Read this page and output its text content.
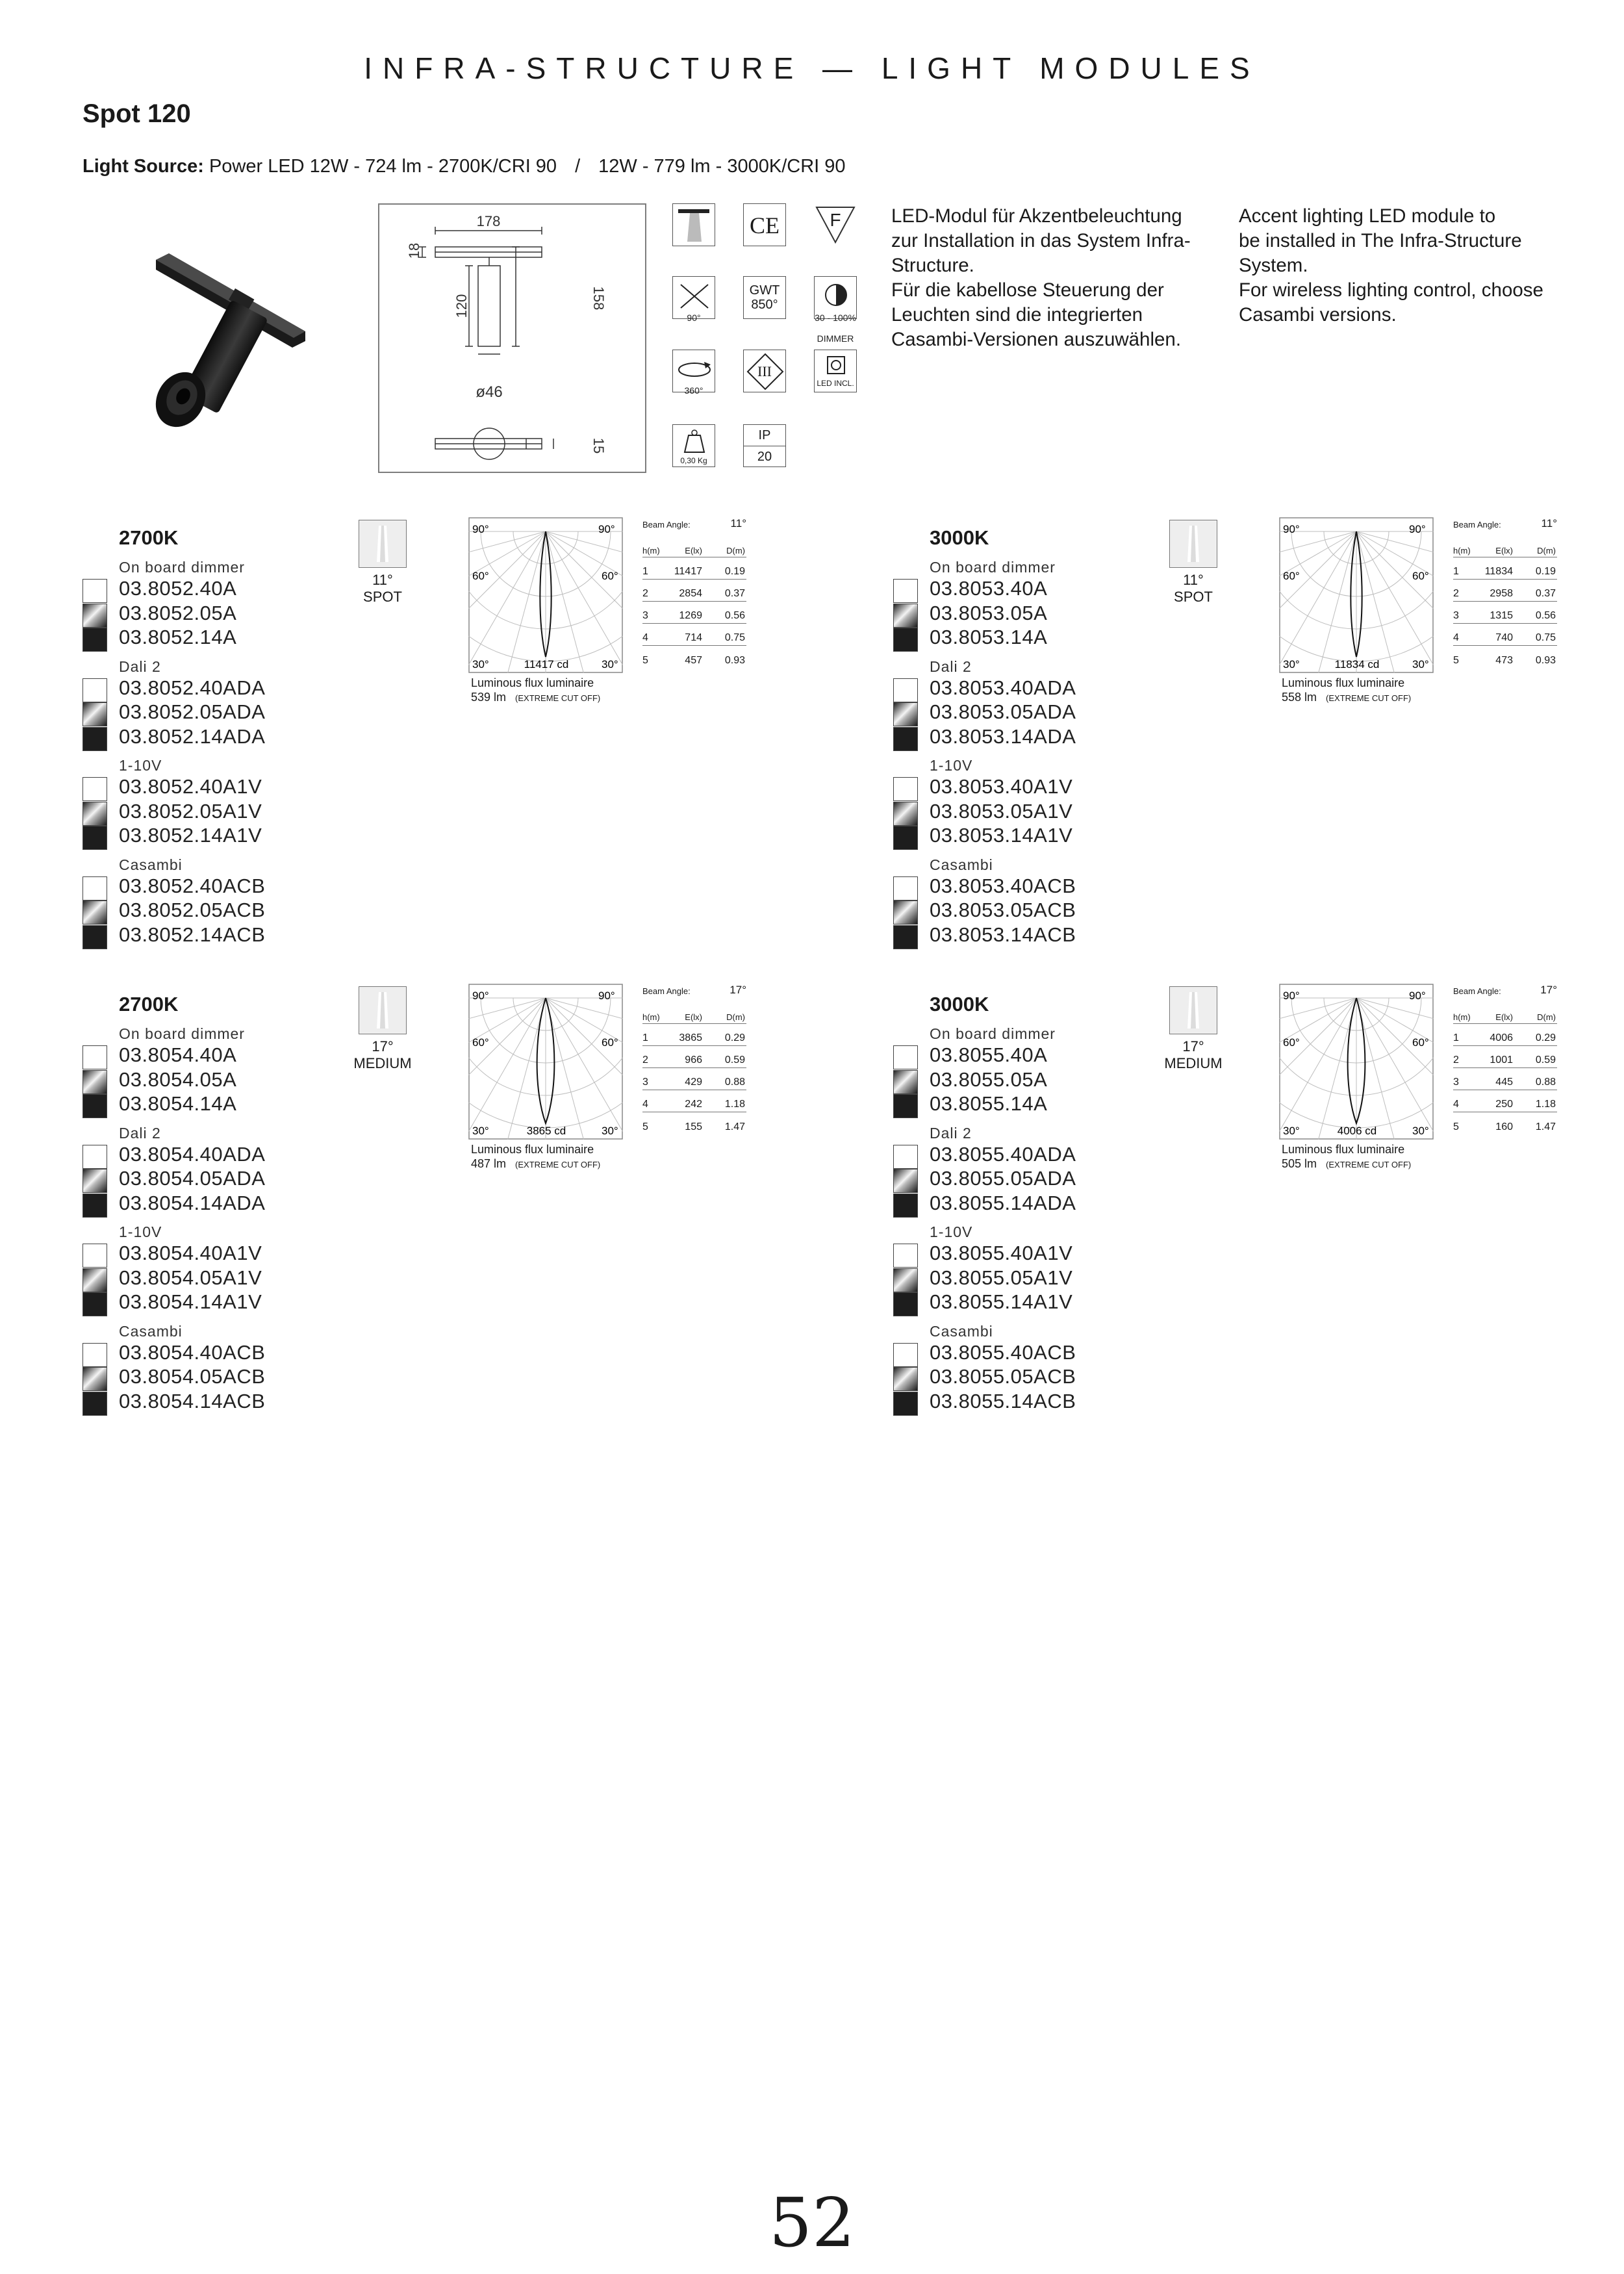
INFRA-STRUCTURE — LIGHT MODULES
Spot 120
Light Source: Power LED 12W - 724 lm - 2700K/CRI 90 / 12W - 779 lm - 3000K/CRI 90
178
18
120	158
ø46
15
CE	F
90°
GWT
850°
30 - 100%
DIMMER
360°
III
LED INCL.
0,30 Kg
IP
20
LED-Modul für Akzentbeleuchtung
zur Installation in das System Infra-
Structure.
Für die kabellose Steuerung der
Leuchten sind die integrierten
Casambi-Versionen auszuwählen.
Accent lighting LED module to
be installed in The Infra-Structure
System.
For wireless lighting control, choose
Casambi versions.
2700K
11°
SPOT
90°	90°
60°	60°
30°	30°
11417 cd
Luminous flux luminaire
539 lm (EXTREME CUT OFF)
Beam Angle:	11°
h(m)	E(lx)	D(m)
1	11417	0.19
2	2854	0.37
3	1269	0.56
4	714	0.75
5	457	0.93
On board dimmer
03.8052.40A
03.8052.05A
03.8052.14A
Dali 2
03.8052.40ADA
03.8052.05ADA
03.8052.14ADA
1-10V
03.8052.40A1V
03.8052.05A1V
03.8052.14A1V
Casambi
03.8052.40ACB
03.8052.05ACB
03.8052.14ACB
3000K
11°
SPOT
90°	90°
60°	60°
30°	30°
11834 cd
Luminous flux luminaire
558 lm (EXTREME CUT OFF)
Beam Angle:	11°
h(m)	E(lx)	D(m)
1	11834	0.19
2	2958	0.37
3	1315	0.56
4	740	0.75
5	473	0.93
On board dimmer
03.8053.40A
03.8053.05A
03.8053.14A
Dali 2
03.8053.40ADA
03.8053.05ADA
03.8053.14ADA
1-10V
03.8053.40A1V
03.8053.05A1V
03.8053.14A1V
Casambi
03.8053.40ACB
03.8053.05ACB
03.8053.14ACB
2700K
17°
MEDIUM
90°	90°
60°	60°
30°	30°
3865 cd
Luminous flux luminaire
487 lm (EXTREME CUT OFF)
Beam Angle:	17°
h(m)	E(lx)	D(m)
1	3865	0.29
2	966	0.59
3	429	0.88
4	242	1.18
5	155	1.47
On board dimmer
03.8054.40A
03.8054.05A
03.8054.14A
Dali 2
03.8054.40ADA
03.8054.05ADA
03.8054.14ADA
1-10V
03.8054.40A1V
03.8054.05A1V
03.8054.14A1V
Casambi
03.8054.40ACB
03.8054.05ACB
03.8054.14ACB
3000K
17°
MEDIUM
90°	90°
60°	60°
30°	30°
4006 cd
Luminous flux luminaire
505 lm (EXTREME CUT OFF)
Beam Angle:	17°
h(m)	E(lx)	D(m)
1	4006	0.29
2	1001	0.59
3	445	0.88
4	250	1.18
5	160	1.47
On board dimmer
03.8055.40A
03.8055.05A
03.8055.14A
Dali 2
03.8055.40ADA
03.8055.05ADA
03.8055.14ADA
1-10V
03.8055.40A1V
03.8055.05A1V
03.8055.14A1V
Casambi
03.8055.40ACB
03.8055.05ACB
03.8055.14ACB
52
